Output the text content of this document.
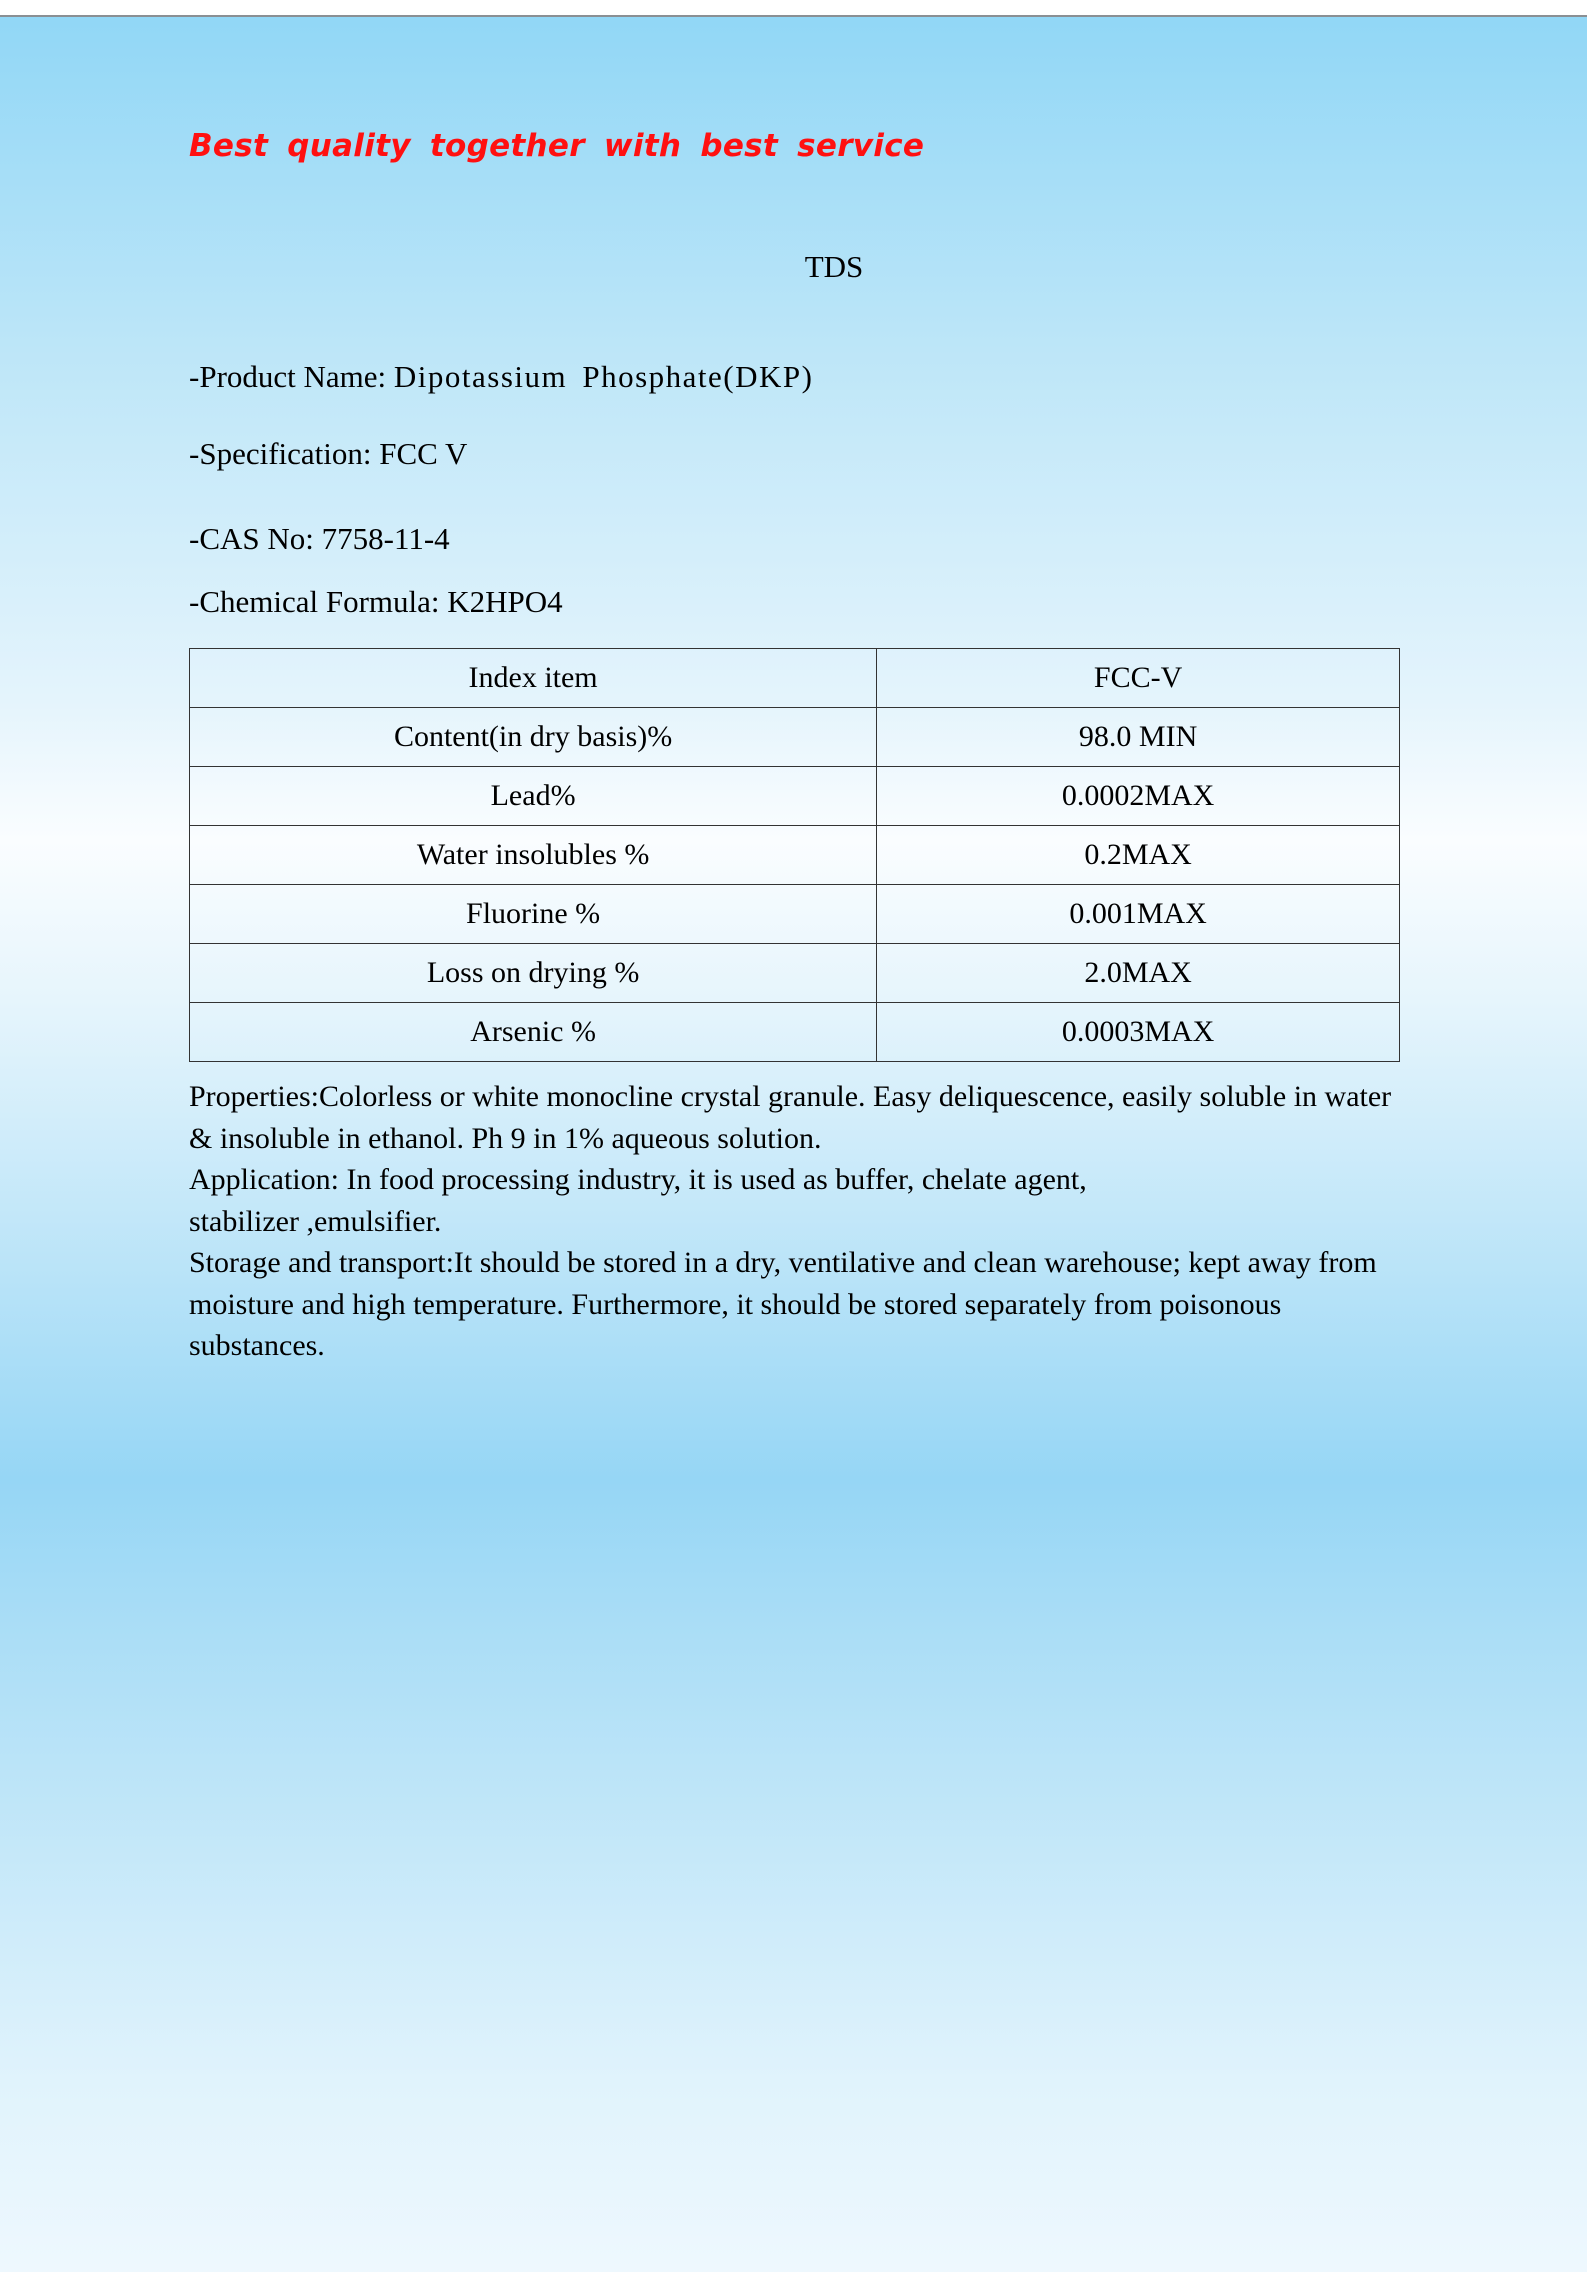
Best quality together with best service
TDS
-Product Name: Dipotassium Phosphate(DKP)
-Specification: FCC V
-CAS No: 7758-11-4
-Chemical Formula: K2HPO4
Index item	FCC-V
Content(in dry basis)%	98.0 MIN
Lead%	0.0002MAX
Water insolubles %	0.2MAX
Fluorine %	0.001MAX
Loss on drying %	2.0MAX
Arsenic %	0.0003MAX

Properties:Colorless or white monocline crystal granule. Easy deliquescence, easily soluble in water & insoluble in ethanol. Ph 9 in 1% aqueous solution.

Application: In food processing industry, it is used as buffer, chelate agent,

stabilizer ,emulsifier.

Storage and transport:It should be stored in a dry, ventilative and clean warehouse; kept away from moisture and high temperature. Furthermore, it should be stored separately from poisonous substances.
